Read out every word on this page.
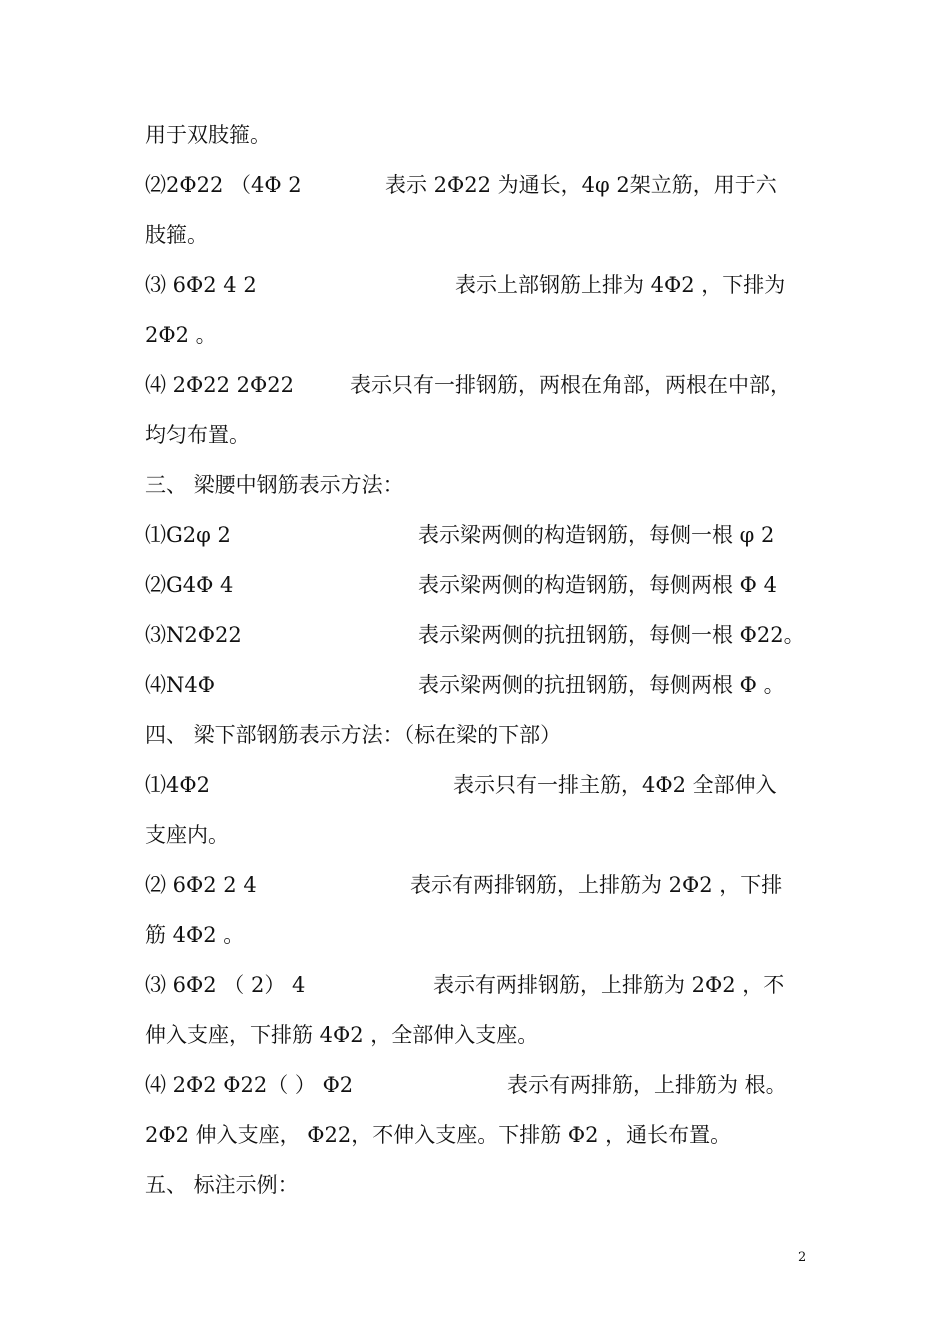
用于双肢箍。
⑵2Φ22 （4Φ 2	表示 2Φ22 为通长，4φ 2架立筋，用于六
肢箍。
⑶ 6Φ2 4 2	表示上部钢筋上排为 4Φ2 ，下排为
2Φ2 。
⑷ 2Φ22 2Φ22	表示只有一排钢筋，两根在角部，两根在中部，
均匀布置。
三、 梁腰中钢筋表示方法：
⑴G2φ 2	表示梁两侧的构造钢筋，每侧一根 φ 2
⑵G4Φ 4	表示梁两侧的构造钢筋，每侧两根 Φ 4
⑶N2Φ22	表示梁两侧的抗扭钢筋，每侧一根 Φ22。
⑷N4Φ	表示梁两侧的抗扭钢筋，每侧两根 Φ 。
四、 梁下部钢筋表示方法：（标在梁的下部）
⑴4Φ2	表示只有一排主筋，4Φ2 全部伸入
支座内。
⑵ 6Φ2 2 4	表示有两排钢筋，上排筋为 2Φ2 ，下排
筋 4Φ2 。
⑶ 6Φ2 （ 2） 4	表示有两排钢筋，上排筋为 2Φ2 ，不
伸入支座，下排筋 4Φ2 ，全部伸入支座。
⑷ 2Φ2 Φ22（ ） Φ2	表示有两排筋，上排筋为 根。
2Φ2 伸入支座， Φ22，不伸入支座。下排筋 Φ2 ，通长布置。
五、 标注示例：
2
